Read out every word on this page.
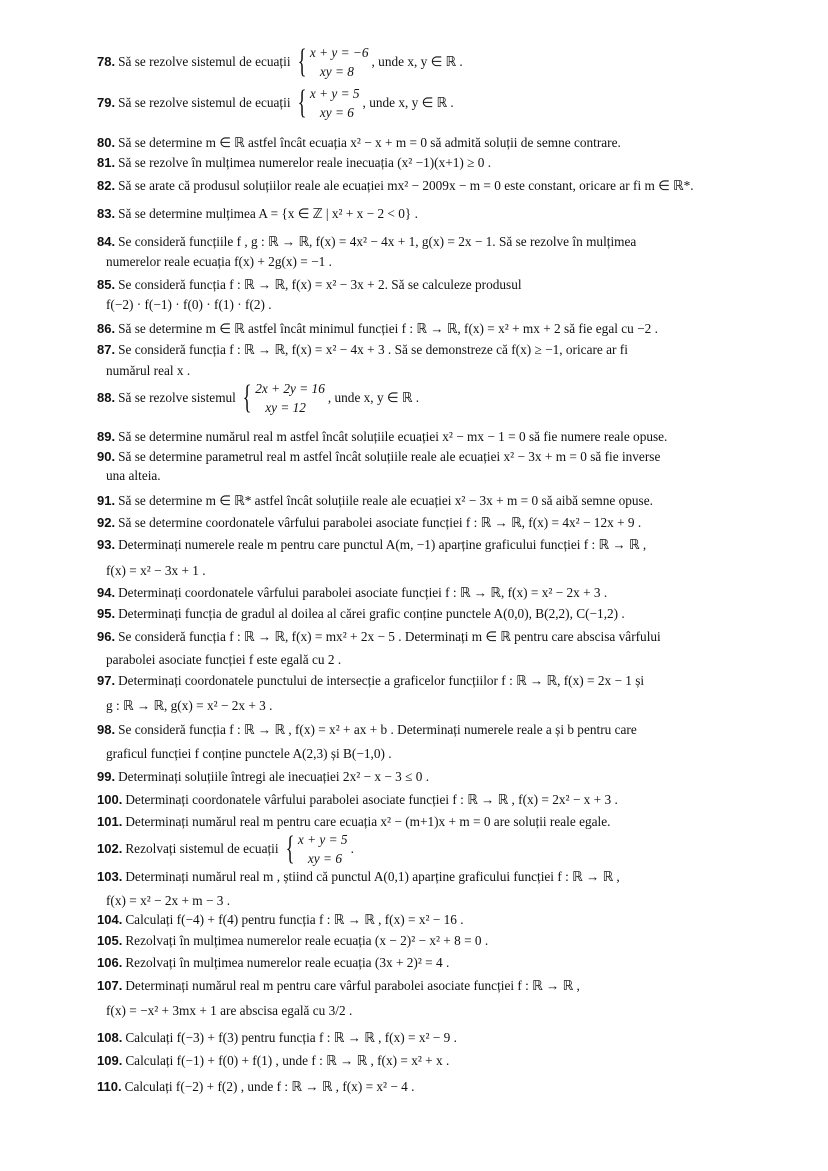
78. Să se rezolve sistemul de ecuații { x + y = −6
xy = 8
, unde x, y ∈ ℝ .
79. Să se rezolve sistemul de ecuații { x + y = 5
xy = 6
, unde x, y ∈ ℝ .
80. Să se determine m ∈ ℝ astfel încât ecuația x² − x + m = 0 să admită soluții de semne contrare.
81. Să se rezolve în mulțimea numerelor reale inecuația (x² −1)(x+1) ≥ 0 .
82. Să se arate că produsul soluțiilor reale ale ecuației mx² − 2009x − m = 0 este constant, oricare ar fi m ∈ ℝ*.
83. Să se determine mulțimea A = {x ∈ ℤ | x² + x − 2 < 0} .
84. Se consideră funcțiile f , g : ℝ → ℝ, f(x) = 4x² − 4x + 1, g(x) = 2x − 1. Să se rezolve în mulțimea
numerelor reale ecuația f(x) + 2g(x) = −1 .
85. Se consideră funcția f : ℝ → ℝ, f(x) = x² − 3x + 2. Să se calculeze produsul
f(−2) · f(−1) · f(0) · f(1) · f(2) .
86. Să se determine m ∈ ℝ astfel încât minimul funcției f : ℝ → ℝ, f(x) = x² + mx + 2 să fie egal cu −2 .
87. Se consideră funcția f : ℝ → ℝ, f(x) = x² − 4x + 3 . Să se demonstreze că f(x) ≥ −1, oricare ar fi
numărul real x .
88. Să se rezolve sistemul { 2x + 2y = 16
xy = 12
, unde x, y ∈ ℝ .
89. Să se determine numărul real m astfel încât soluțiile ecuației x² − mx − 1 = 0 să fie numere reale opuse.
90. Să se determine parametrul real m astfel încât soluțiile reale ale ecuației x² − 3x + m = 0 să fie inverse
una alteia.
91. Să se determine m ∈ ℝ* astfel încât soluțiile reale ale ecuației x² − 3x + m = 0 să aibă semne opuse.
92. Să se determine coordonatele vârfului parabolei asociate funcției f : ℝ → ℝ, f(x) = 4x² − 12x + 9 .
93. Determinați numerele reale m pentru care punctul A(m, −1) aparține graficului funcției f : ℝ → ℝ ,
f(x) = x² − 3x + 1 .
94. Determinați coordonatele vârfului parabolei asociate funcției f : ℝ → ℝ, f(x) = x² − 2x + 3 .
95. Determinați funcția de gradul al doilea al cărei grafic conține punctele A(0,0), B(2,2), C(−1,2) .
96. Se consideră funcția f : ℝ → ℝ, f(x) = mx² + 2x − 5 . Determinați m ∈ ℝ pentru care abscisa vârfului
parabolei asociate funcției f este egală cu 2 .
97. Determinați coordonatele punctului de intersecție a graficelor funcțiilor f : ℝ → ℝ, f(x) = 2x − 1 și
g : ℝ → ℝ, g(x) = x² − 2x + 3 .
98. Se consideră funcția f : ℝ → ℝ , f(x) = x² + ax + b . Determinați numerele reale a și b pentru care
graficul funcției f conține punctele A(2,3) și B(−1,0) .
99. Determinați soluțiile întregi ale inecuației 2x² − x − 3 ≤ 0 .
100. Determinați coordonatele vârfului parabolei asociate funcției f : ℝ → ℝ , f(x) = 2x² − x + 3 .
101. Determinați numărul real m pentru care ecuația x² − (m+1)x + m = 0 are soluții reale egale.
102. Rezolvați sistemul de ecuații { x + y = 5
xy = 6
.
103. Determinați numărul real m , știind că punctul A(0,1) aparține graficului funcției f : ℝ → ℝ ,
f(x) = x² − 2x + m − 3 .
104. Calculați f(−4) + f(4) pentru funcția f : ℝ → ℝ , f(x) = x² − 16 .
105. Rezolvați în mulțimea numerelor reale ecuația (x − 2)² − x² + 8 = 0 .
106. Rezolvați în mulțimea numerelor reale ecuația (3x + 2)² = 4 .
107. Determinați numărul real m pentru care vârful parabolei asociate funcției f : ℝ → ℝ ,
f(x) = −x² + 3mx + 1 are abscisa egală cu 3/2 .
108. Calculați f(−3) + f(3) pentru funcția f : ℝ → ℝ , f(x) = x² − 9 .
109. Calculați f(−1) + f(0) + f(1) , unde f : ℝ → ℝ , f(x) = x² + x .
110. Calculați f(−2) + f(2) , unde f : ℝ → ℝ , f(x) = x² − 4 .
